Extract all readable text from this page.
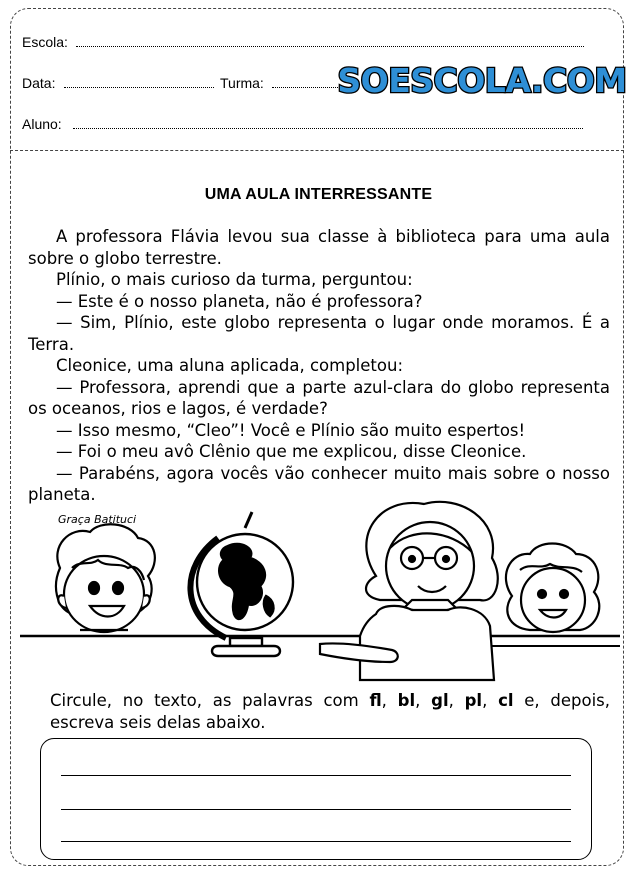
Escola:
Data:	Turma:
Aluno:
SOESCOLA.COM
UMA AULA INTERRESSANTE

A professora Flávia levou sua classe à biblioteca para uma aula sobre o globo terrestre.

Plínio, o mais curioso da turma, perguntou:

— Este é o nosso planeta, não é professora?

— Sim, Plínio, este globo representa o lugar onde moramos. É a Terra.

Cleonice, uma aluna aplicada, completou:

— Professora, aprendi que a parte azul-clara do globo representa os oceanos, rios e lagos, é verdade?

— Isso mesmo, “Cleo”! Você e Plínio são muito espertos!

— Foi o meu avô Clênio que me explicou, disse Cleonice.

— Parabéns, agora vocês vão conhecer muito mais sobre o nosso planeta.

Graça Batituci
Circule, no texto, as palavras com fl, bl, gl, pl, cl e, depois, escreva seis delas abaixo.
